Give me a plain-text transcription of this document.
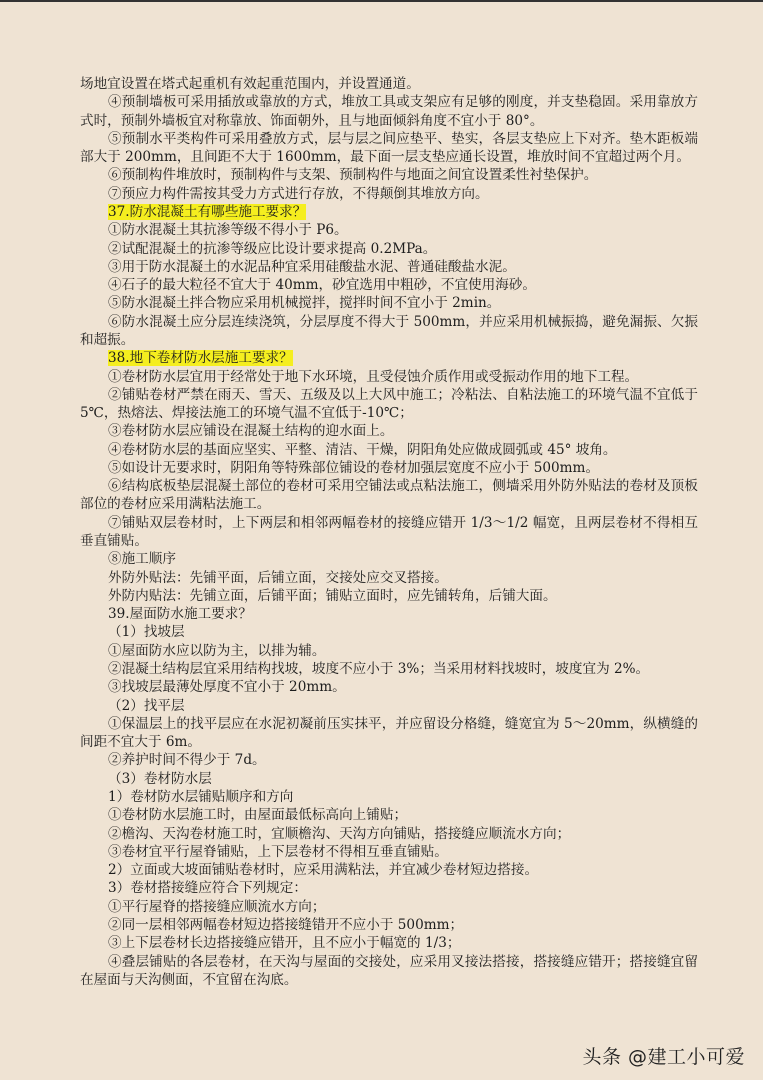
场地宜设置在塔式起重机有效起重范围内，并设置通道。

④预制墙板可采用插放或靠放的方式，堆放工具或支架应有足够的刚度，并支垫稳固。采用靠放方式时，预制外墙板宜对称靠放、饰面朝外，且与地面倾斜角度不宜小于 80°。

⑤预制水平类构件可采用叠放方式，层与层之间应垫平、垫实，各层支垫应上下对齐。垫木距板端部大于 200mm，且间距不大于 1600mm，最下面一层支垫应通长设置，堆放时间不宜超过两个月。

⑥预制构件堆放时，预制构件与支架、预制构件与地面之间宜设置柔性衬垫保护。

⑦预应力构件需按其受力方式进行存放，不得颠倒其堆放方向。

37.防水混凝土有哪些施工要求？

①防水混凝土其抗渗等级不得小于 P6。

②试配混凝土的抗渗等级应比设计要求提高 0.2MPa。

③用于防水混凝土的水泥品种宜采用硅酸盐水泥、普通硅酸盐水泥。

④石子的最大粒径不宜大于 40mm，砂宜选用中粗砂，不宜使用海砂。

⑤防水混凝土拌合物应采用机械搅拌，搅拌时间不宜小于 2min。

⑥防水混凝土应分层连续浇筑，分层厚度不得大于 500mm，并应采用机械振捣，避免漏振、欠振和超振。

38.地下卷材防水层施工要求？

①卷材防水层宜用于经常处于地下水环境，且受侵蚀介质作用或受振动作用的地下工程。

②铺贴卷材严禁在雨天、雪天、五级及以上大风中施工；冷粘法、自粘法施工的环境气温不宜低于 5℃，热熔法、焊接法施工的环境气温不宜低于-10℃；

③卷材防水层应铺设在混凝土结构的迎水面上。

④卷材防水层的基面应坚实、平整、清洁、干燥，阴阳角处应做成圆弧或 45° 坡角。

⑤如设计无要求时，阴阳角等特殊部位铺设的卷材加强层宽度不应小于 500mm。

⑥结构底板垫层混凝土部位的卷材可采用空铺法或点粘法施工，侧墙采用外防外贴法的卷材及顶板部位的卷材应采用满粘法施工。

⑦铺贴双层卷材时，上下两层和相邻两幅卷材的接缝应错开 1/3～1/2 幅宽，且两层卷材不得相互垂直铺贴。

⑧施工顺序

外防外贴法：先铺平面，后铺立面，交接处应交叉搭接。

外防内贴法：先铺立面，后铺平面；铺贴立面时，应先铺转角，后铺大面。

39.屋面防水施工要求？

（1）找坡层

①屋面防水应以防为主，以排为辅。

②混凝土结构层宜采用结构找坡，坡度不应小于 3%；当采用材料找坡时，坡度宜为 2%。

③找坡层最薄处厚度不宜小于 20mm。

（2）找平层

①保温层上的找平层应在水泥初凝前压实抹平，并应留设分格缝，缝宽宜为 5～20mm，纵横缝的间距不宜大于 6m。

②养护时间不得少于 7d。

（3）卷材防水层

1）卷材防水层铺贴顺序和方向

①卷材防水层施工时，由屋面最低标高向上铺贴；

②檐沟、天沟卷材施工时，宜顺檐沟、天沟方向铺贴，搭接缝应顺流水方向；

③卷材宜平行屋脊铺贴，上下层卷材不得相互垂直铺贴。

2）立面或大坡面铺贴卷材时，应采用满粘法，并宜减少卷材短边搭接。

3）卷材搭接缝应符合下列规定：

①平行屋脊的搭接缝应顺流水方向；

②同一层相邻两幅卷材短边搭接缝错开不应小于 500mm；

③上下层卷材长边搭接缝应错开，且不应小于幅宽的 1/3；

④叠层铺贴的各层卷材，在天沟与屋面的交接处，应采用叉接法搭接，搭接缝应错开；搭接缝宜留在屋面与天沟侧面，不宜留在沟底。

头条 @建工小可爱
